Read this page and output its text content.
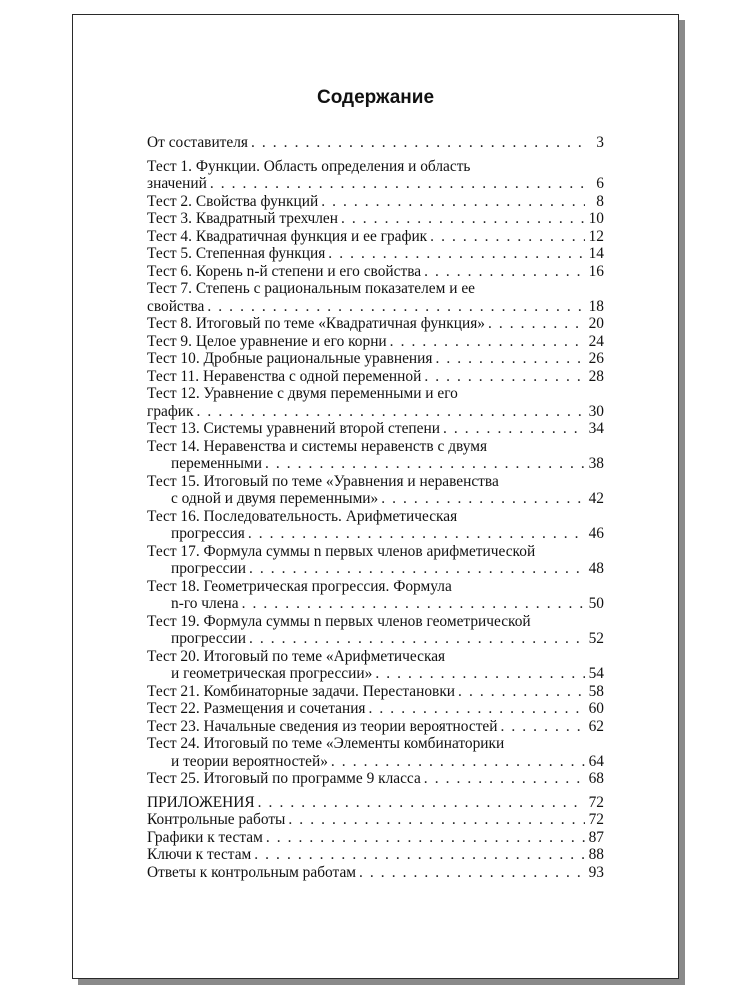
Содержание
От составителя . . .	3
Тест 1. Функции. Область определения и область
значений . . .	6
Тест 2. Свойства функций . . .	8
Тест 3. Квадратный трехчлен . . .	10
Тест 4. Квадратичная функция и ее график . . .	12
Тест 5. Степенная функция . . .	14
Тест 6. Корень n-й степени и его свойства . . .	16
Тест 7. Степень с рациональным показателем и ее
свойства . . .	18
Тест 8. Итоговый по теме «Квадратичная функция» . . .	20
Тест 9. Целое уравнение и его корни . . .	24
Тест 10. Дробные рациональные уравнения . . .	26
Тест 11. Неравенства с одной переменной . . .	28
Тест 12. Уравнение с двумя переменными и его
график . . .	30
Тест 13. Системы уравнений второй степени . . .	34
Тест 14. Неравенства и системы неравенств с двумя
переменными . . .	38
Тест 15. Итоговый по теме «Уравнения и неравенства
с одной и двумя переменными» . . .	42
Тест 16. Последовательность. Арифметическая
прогрессия . . .	46
Тест 17. Формула суммы n первых членов арифметической
прогрессии . . .	48
Тест 18. Геометрическая прогрессия. Формула
n-го члена . . .	50
Тест 19. Формула суммы n первых членов геометрической
прогрессии . . .	52
Тест 20. Итоговый по теме «Арифметическая
и геометрическая прогрессии» . . .	54
Тест 21. Комбинаторные задачи. Перестановки . . .	58
Тест 22. Размещения и сочетания . . .	60
Тест 23. Начальные сведения из теории вероятностей . . .	62
Тест 24. Итоговый по теме «Элементы комбинаторики
и теории вероятностей» . . .	64
Тест 25. Итоговый по программе 9 класса . . .	68
ПРИЛОЖЕНИЯ . . .	72
Контрольные работы . . .	72
Графики к тестам . . .	87
Ключи к тестам . . .	88
Ответы к контрольным работам . . .	93
